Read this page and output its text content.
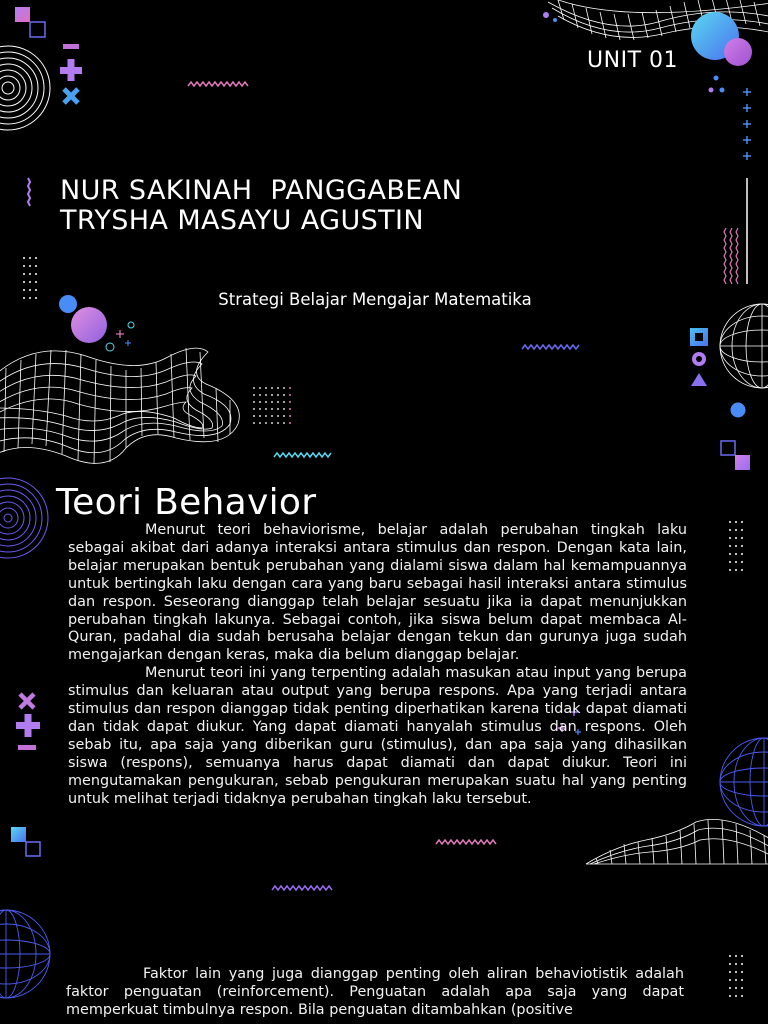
UNIT 01
NUR SAKINAH  PANGGABEAN
TRYSHA MASAYU AGUSTIN
Strategi Belajar Mengajar Matematika
Teori Behavior

Menurut teori behaviorisme, belajar adalah perubahan tingkah laku sebagai akibat dari adanya interaksi antara stimulus dan respon. Dengan kata lain, belajar merupakan bentuk perubahan yang dialami siswa dalam hal kemampuannya untuk bertingkah laku dengan cara yang baru sebagai hasil interaksi antara stimulus dan respon. Seseorang dianggap telah belajar sesuatu jika ia dapat menunjukkan perubahan tingkah lakunya. Sebagai contoh, jika siswa belum dapat membaca Al-Quran, padahal dia sudah berusaha belajar dengan tekun dan gurunya juga sudah mengajarkan dengan keras, maka dia belum dianggap belajar.

Menurut teori ini yang terpenting adalah masukan atau input yang berupa stimulus dan keluaran atau output yang berupa respons. Apa yang terjadi antara stimulus dan respon dianggap tidak penting diperhatikan karena tidak dapat diamati dan tidak dapat diukur. Yang dapat diamati hanyalah stimulus dan respons. Oleh sebab itu, apa saja yang diberikan guru (stimulus), dan apa saja yang dihasilkan siswa (respons), semuanya harus dapat diamati dan dapat diukur. Teori ini mengutamakan pengukuran, sebab pengukuran merupakan suatu hal yang penting untuk melihat terjadi tidaknya perubahan tingkah laku tersebut.

Faktor lain yang juga dianggap penting oleh aliran behaviotistik adalah faktor penguatan (reinforcement). Penguatan adalah apa saja yang dapat memperkuat timbulnya respon. Bila penguatan ditambahkan (positive
